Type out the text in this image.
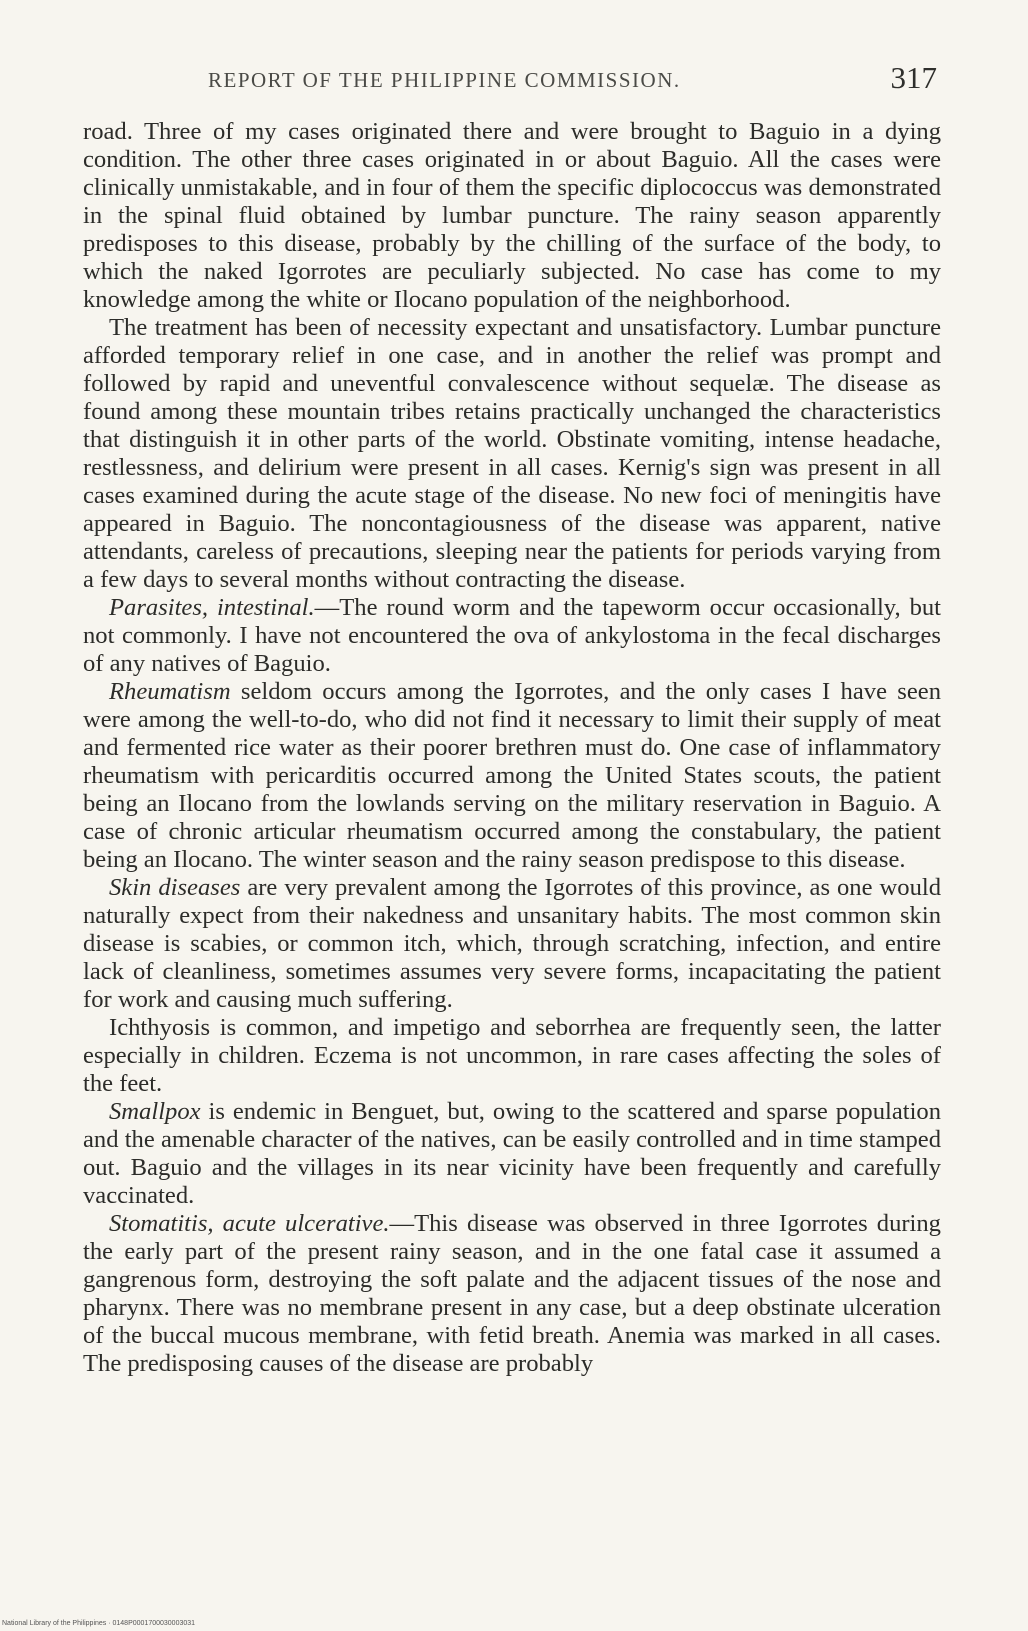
REPORT OF THE PHILIPPINE COMMISSION.	317

road. Three of my cases originated there and were brought to Baguio in a dying condition. The other three cases originated in or about Baguio. All the cases were clinically unmistakable, and in four of them the specific diplococcus was demonstrated in the spinal fluid obtained by lumbar puncture. The rainy season apparently predisposes to this disease, probably by the chilling of the surface of the body, to which the naked Igorrotes are peculiarly subjected. No case has come to my knowledge among the white or Ilocano population of the neighborhood.

The treatment has been of necessity expectant and unsatisfactory. Lumbar puncture afforded temporary relief in one case, and in another the relief was prompt and followed by rapid and uneventful convalescence without sequelæ. The disease as found among these mountain tribes retains practically unchanged the characteristics that distinguish it in other parts of the world. Obstinate vomiting, intense headache, restlessness, and delirium were present in all cases. Kernig's sign was present in all cases examined during the acute stage of the disease. No new foci of meningitis have appeared in Baguio. The noncontagiousness of the disease was apparent, native attendants, careless of precautions, sleeping near the patients for periods varying from a few days to several months without contracting the disease.

Parasites, intestinal.—The round worm and the tapeworm occur occasionally, but not commonly. I have not encountered the ova of ankylostoma in the fecal discharges of any natives of Baguio.

Rheumatism seldom occurs among the Igorrotes, and the only cases I have seen were among the well-to-do, who did not find it necessary to limit their supply of meat and fermented rice water as their poorer brethren must do. One case of inflammatory rheumatism with pericarditis occurred among the United States scouts, the patient being an Ilocano from the lowlands serving on the military reservation in Baguio. A case of chronic articular rheumatism occurred among the constabulary, the patient being an Ilocano. The winter season and the rainy season predispose to this disease.

Skin diseases are very prevalent among the Igorrotes of this province, as one would naturally expect from their nakedness and unsanitary habits. The most common skin disease is scabies, or common itch, which, through scratching, infection, and entire lack of cleanliness, sometimes assumes very severe forms, incapacitating the patient for work and causing much suffering.

Ichthyosis is common, and impetigo and seborrhea are frequently seen, the latter especially in children. Eczema is not uncommon, in rare cases affecting the soles of the feet.

Smallpox is endemic in Benguet, but, owing to the scattered and sparse population and the amenable character of the natives, can be easily controlled and in time stamped out. Baguio and the villages in its near vicinity have been frequently and carefully vaccinated.

Stomatitis, acute ulcerative.—This disease was observed in three Igorrotes during the early part of the present rainy season, and in the one fatal case it assumed a gangrenous form, destroying the soft palate and the adjacent tissues of the nose and pharynx. There was no membrane present in any case, but a deep obstinate ulceration of the buccal mucous membrane, with fetid breath. Anemia was marked in all cases. The predisposing causes of the disease are probably

National Library of the Philippines · 0148P0001700030003031
